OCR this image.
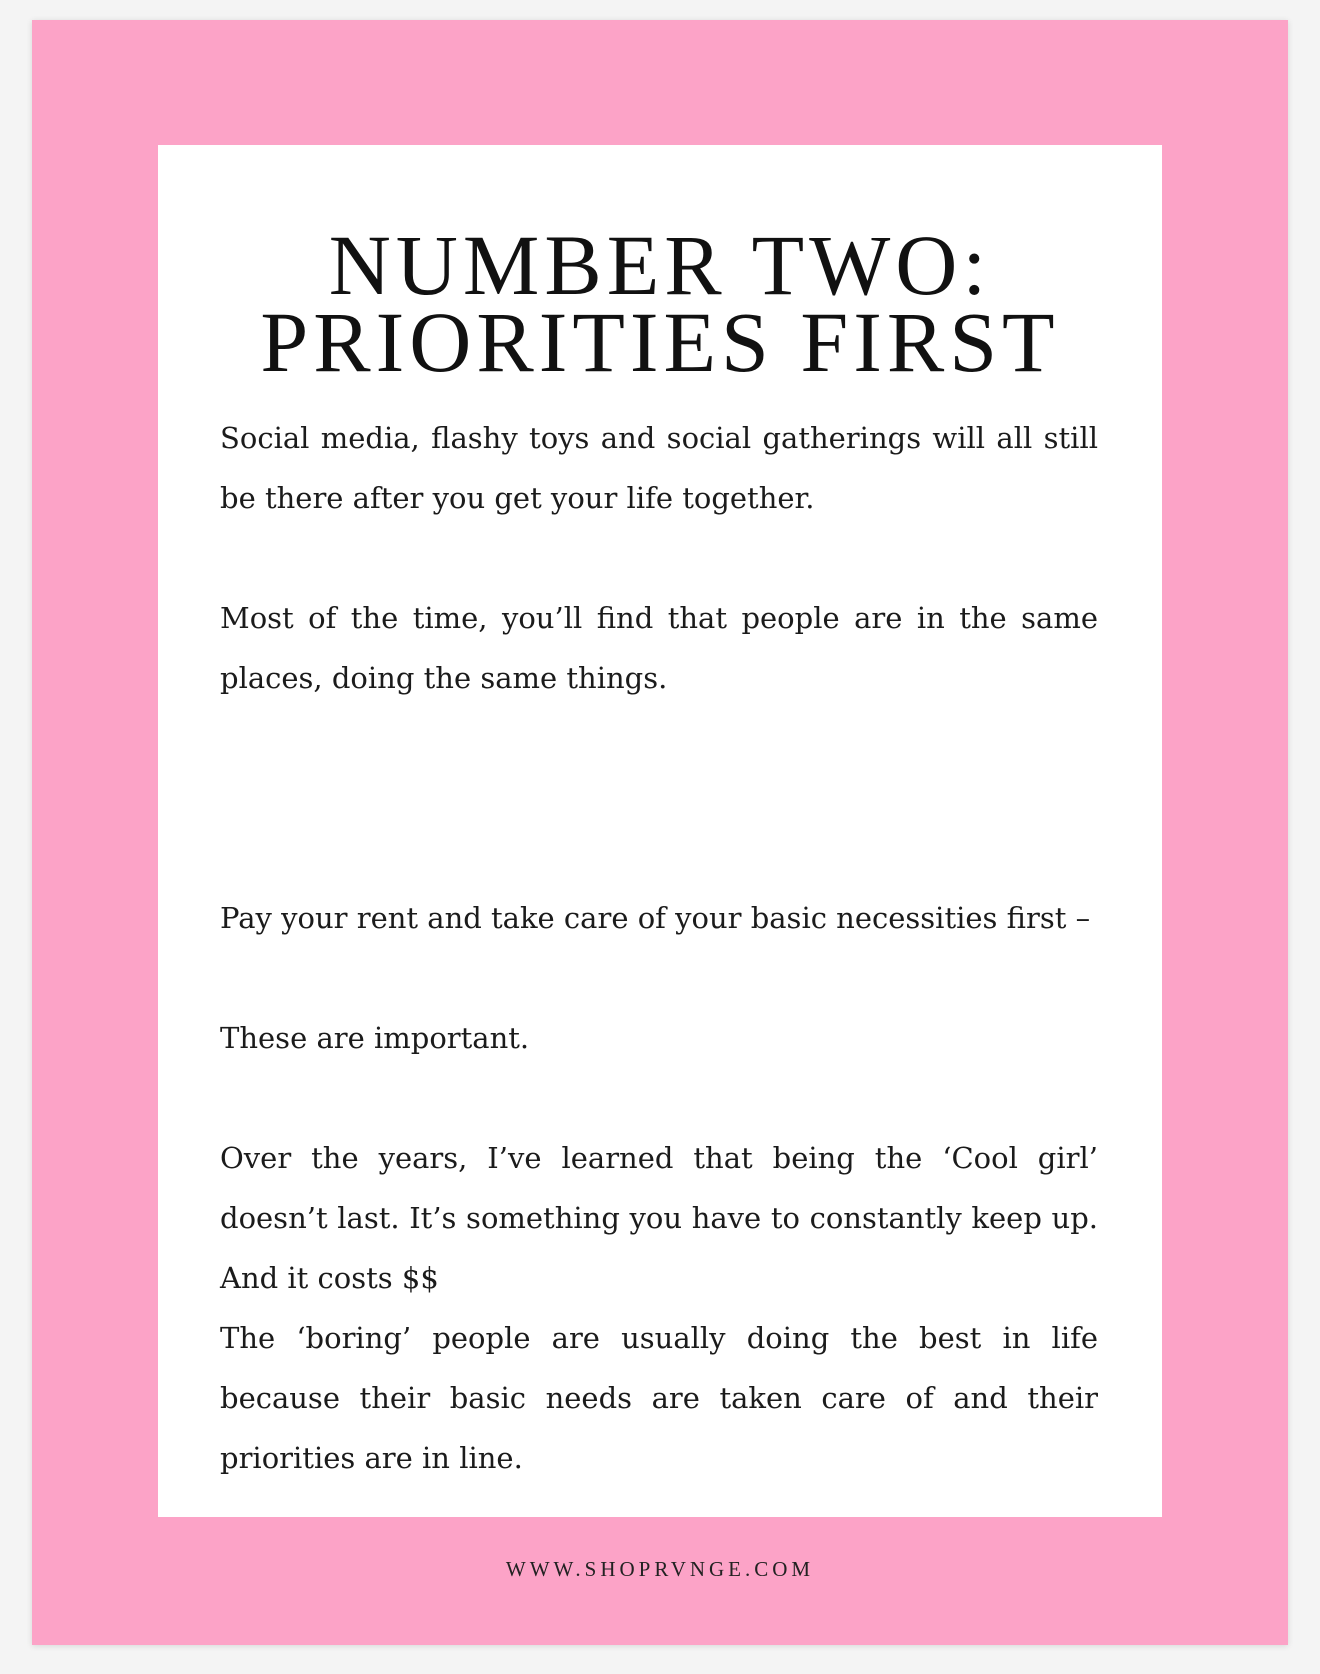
NUMBER TWO:
PRIORITIES FIRST

Social media, flashy toys and social gatherings will all still be there after you get your life together.

Most of the time, you’ll find that people are in the same places, doing the same things.

Pay your rent and take care of your basic necessities first –

These are important.

Over the years, I’ve learned that being the ‘Cool girl’ doesn’t last. It’s something you have to constantly keep up. And it costs $$

The ‘boring’ people are usually doing the best in life because their basic needs are taken care of and their priorities are in line.

WWW.SHOPRVNGE.COM
